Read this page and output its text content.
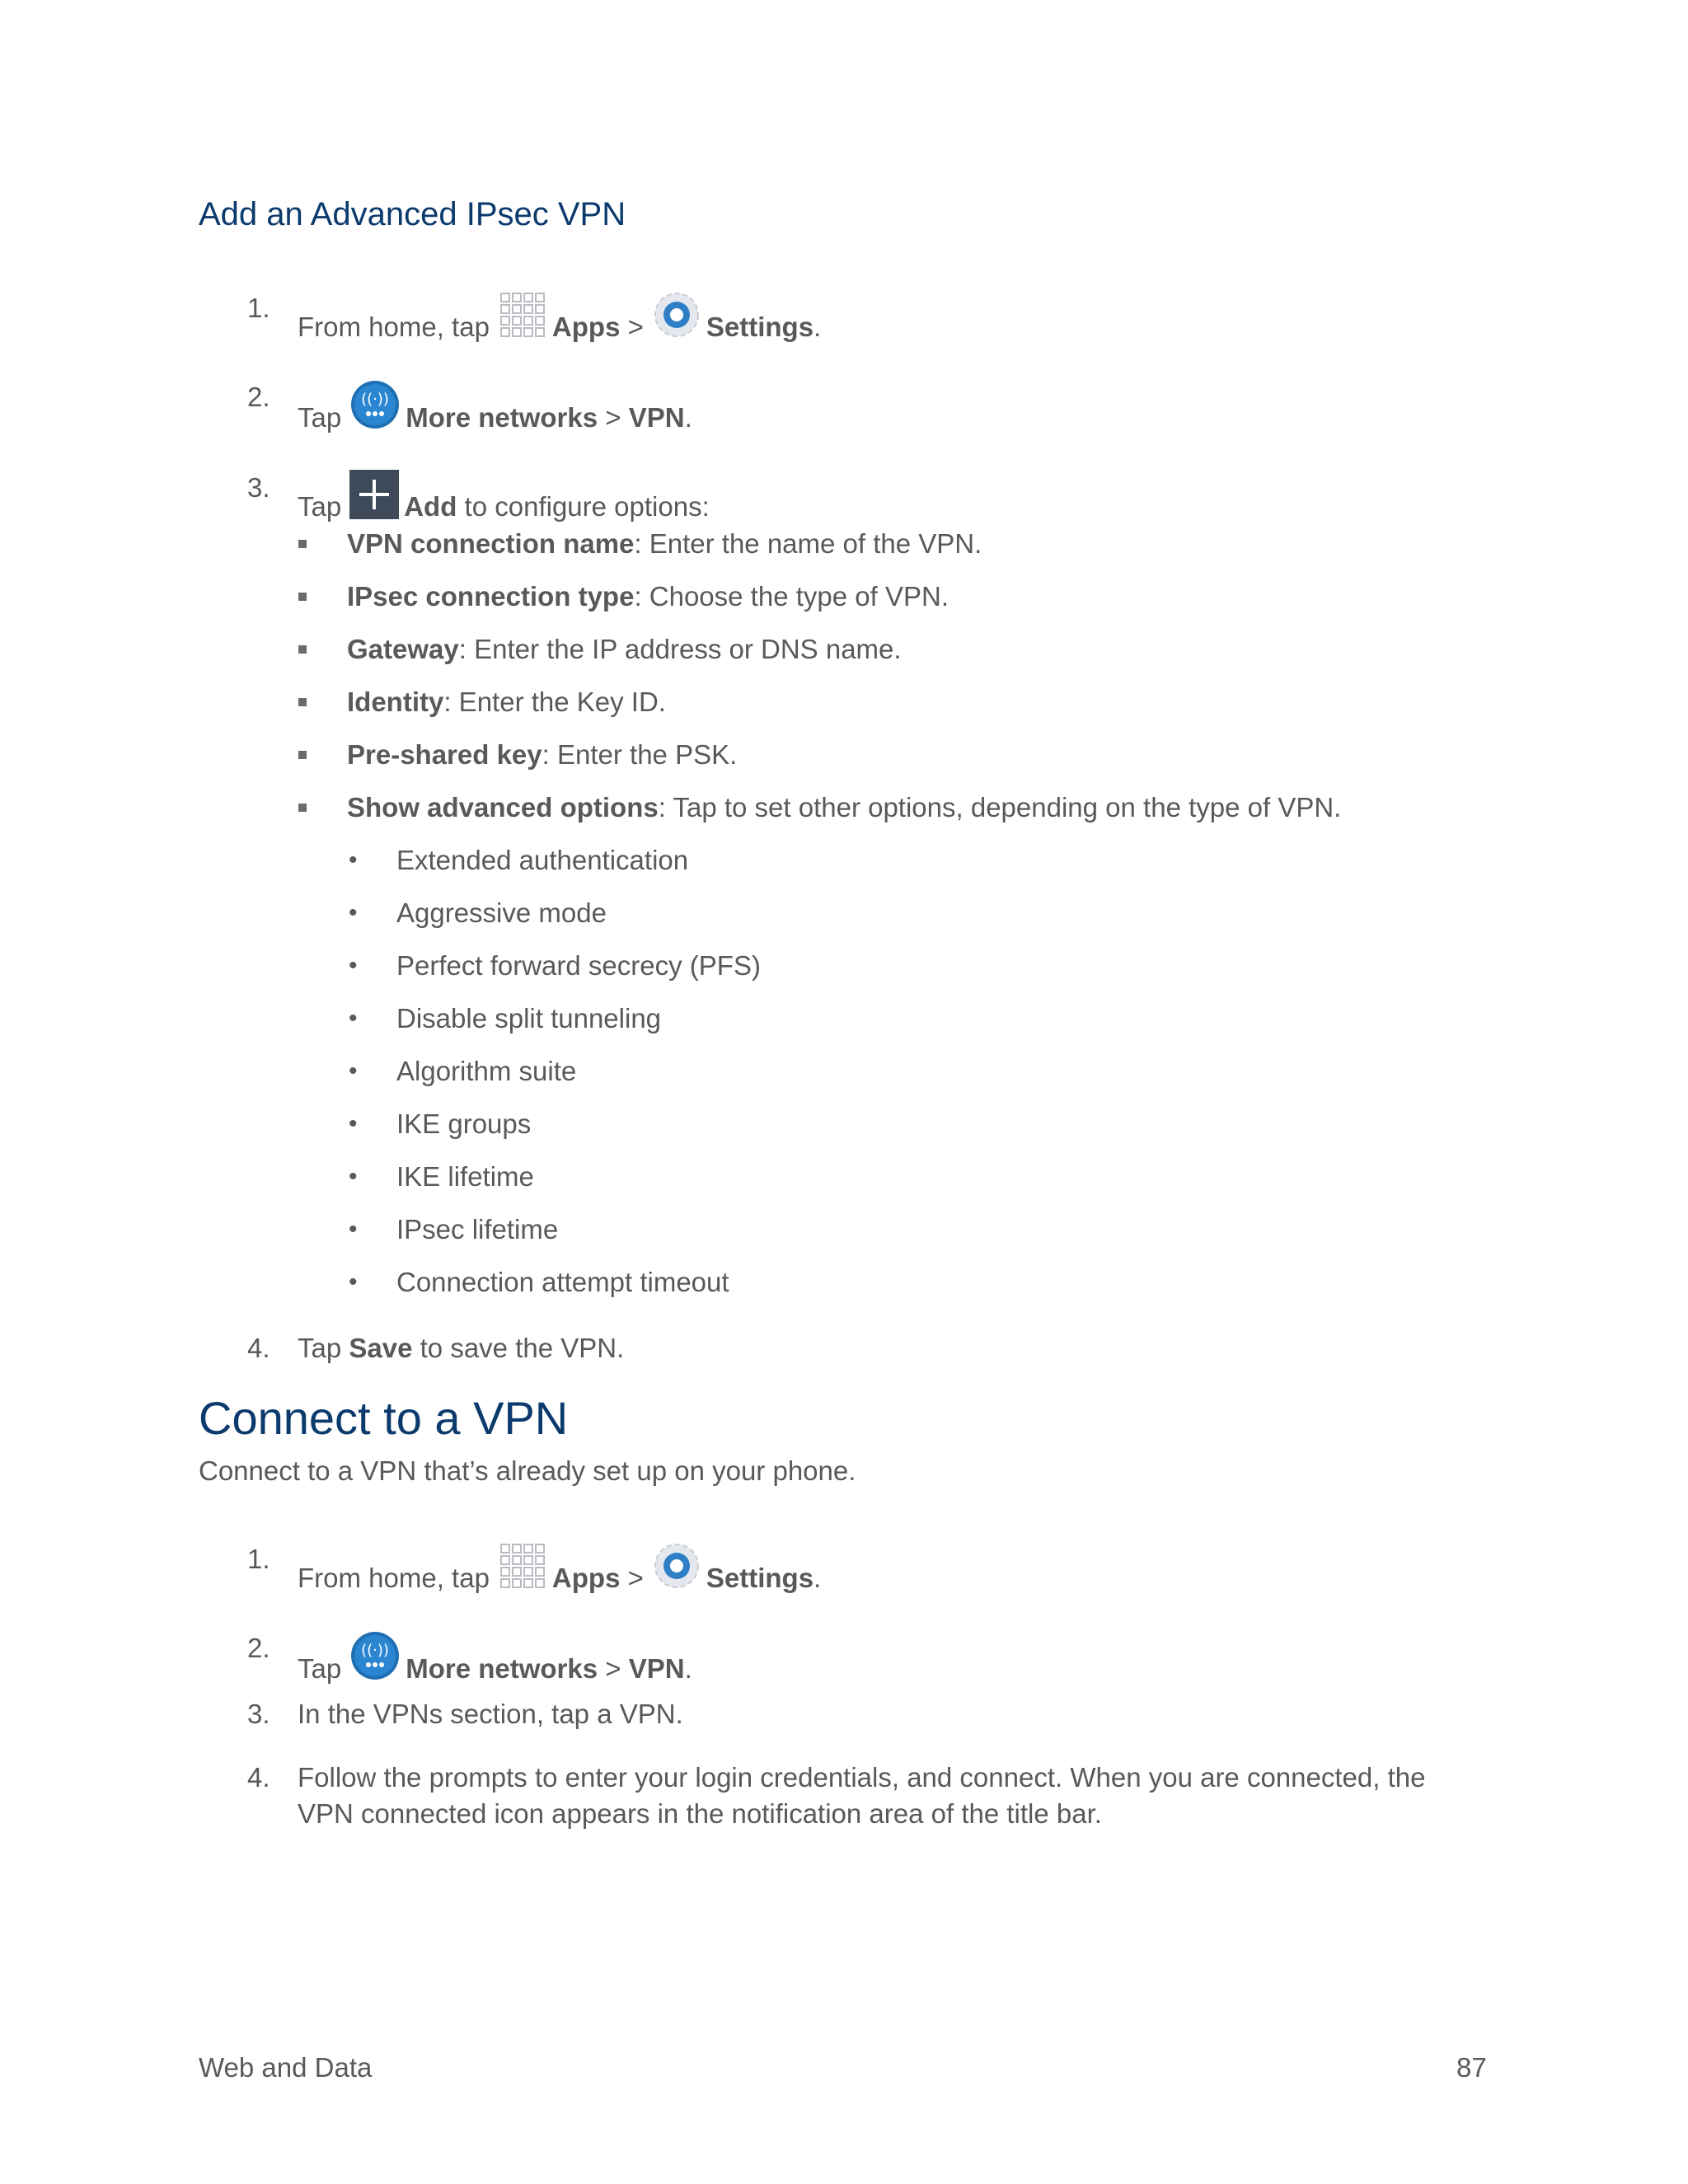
Add an Advanced IPsec VPN
1.
From home, tap Apps > Settings.
2.
Tap
((·))
More networks > VPN.
3.
Tap Add to configure options:
VPN connection name: Enter the name of the VPN.
IPsec connection type: Choose the type of VPN.
Gateway: Enter the IP address or DNS name.
Identity: Enter the Key ID.
Pre-shared key: Enter the PSK.
Show advanced options: Tap to set other options, depending on the type of VPN.
• Extended authentication
• Aggressive mode
• Perfect forward secrecy (PFS)
• Disable split tunneling
• Algorithm suite
• IKE groups
• IKE lifetime
• IPsec lifetime
• Connection attempt timeout
4. Tap Save to save the VPN.
Connect to a VPN
Connect to a VPN that’s already set up on your phone.
1.
From home, tap Apps > Settings.
2.
Tap
((·))
More networks > VPN.
3. In the VPNs section, tap a VPN.
4. Follow the prompts to enter your login credentials, and connect. When you are connected, the VPN connected icon appears in the notification area of the title bar.
Web and Data	87
